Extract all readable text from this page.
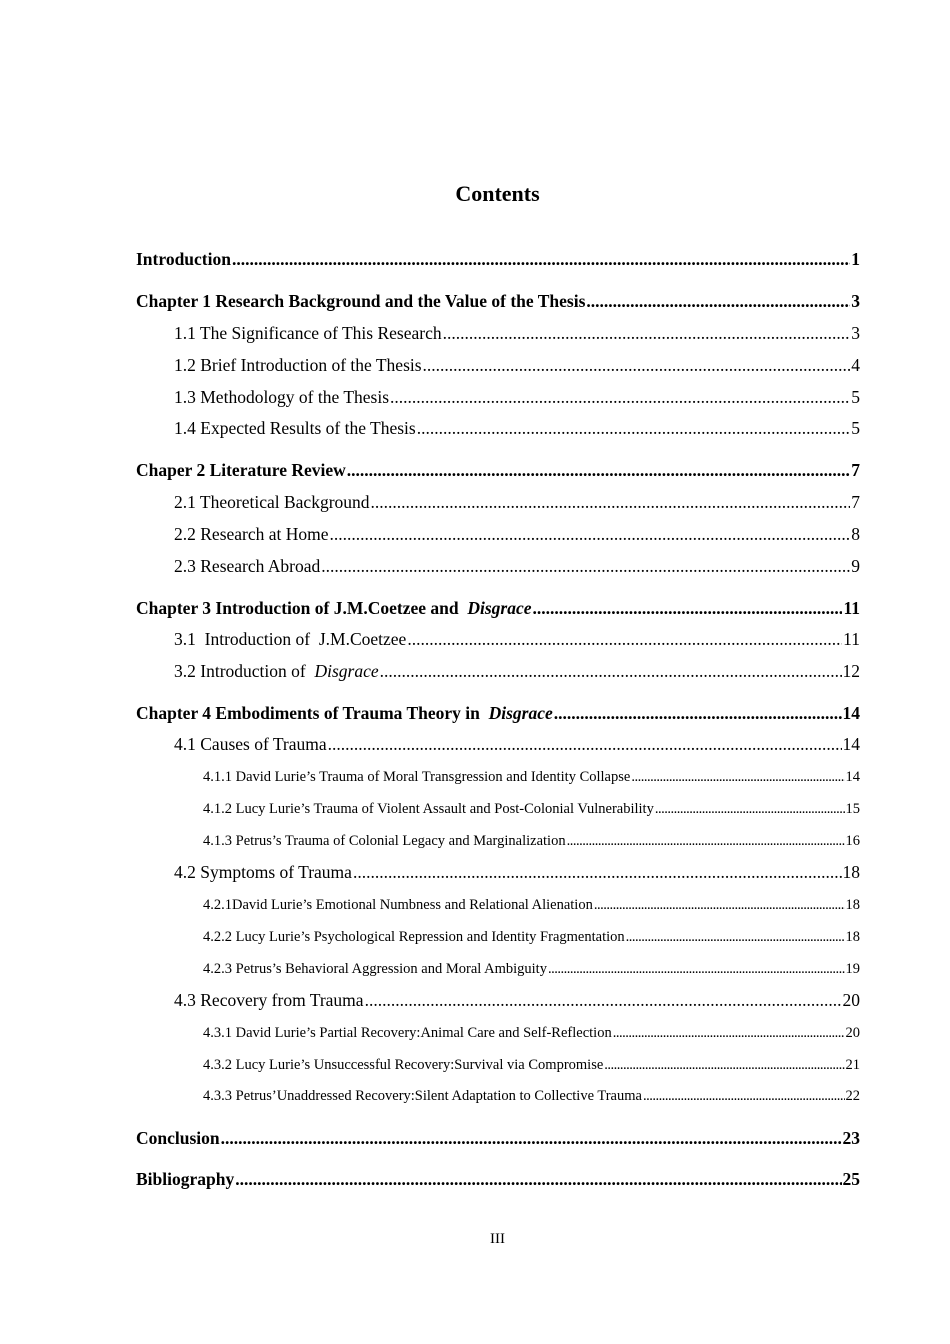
Contents
Introduction .....	1
Chapter 1 Research Background and the Value of the Thesis .....	3
1.1 The Significance of This Research .....	3
1.2 Brief Introduction of the Thesis .....	4
1.3 Methodology of the Thesis .....	5
1.4 Expected Results of the Thesis .....	5
Chaper 2 Literature Review .....	7
2.1 Theoretical Background .....	7
2.2 Research at Home .....	8
2.3 Research Abroad .....	9
Chapter 3 Introduction of J.M.Coetzee and  Disgrace .....	11
3.1  Introduction of  J.M.Coetzee .....	11
3.2 Introduction of  Disgrace .....	12
Chapter 4 Embodiments of Trauma Theory in  Disgrace .....	14
4.1 Causes of Trauma .....	14
4.1.1 David Lurie’s Trauma of Moral Transgression and Identity Collapse .....	14
4.1.2 Lucy Lurie’s Trauma of Violent Assault and Post-Colonial Vulnerability .....	15
4.1.3 Petrus’s Trauma of Colonial Legacy and Marginalization .....	16
4.2 Symptoms of Trauma .....	18
4.2.1David Lurie’s Emotional Numbness and Relational Alienation .....	18
4.2.2 Lucy Lurie’s Psychological Repression and Identity Fragmentation .....	18
4.2.3 Petrus’s Behavioral Aggression and Moral Ambiguity .....	19
4.3 Recovery from Trauma .....	20
4.3.1 David Lurie’s Partial Recovery:Animal Care and Self-Reflection .....	20
4.3.2 Lucy Lurie’s Unsuccessful Recovery:Survival via Compromise .....	21
4.3.3 Petrus’Unaddressed Recovery:Silent Adaptation to Collective Trauma .....	22
Conclusion .....	23
Bibliography .....	25
III
